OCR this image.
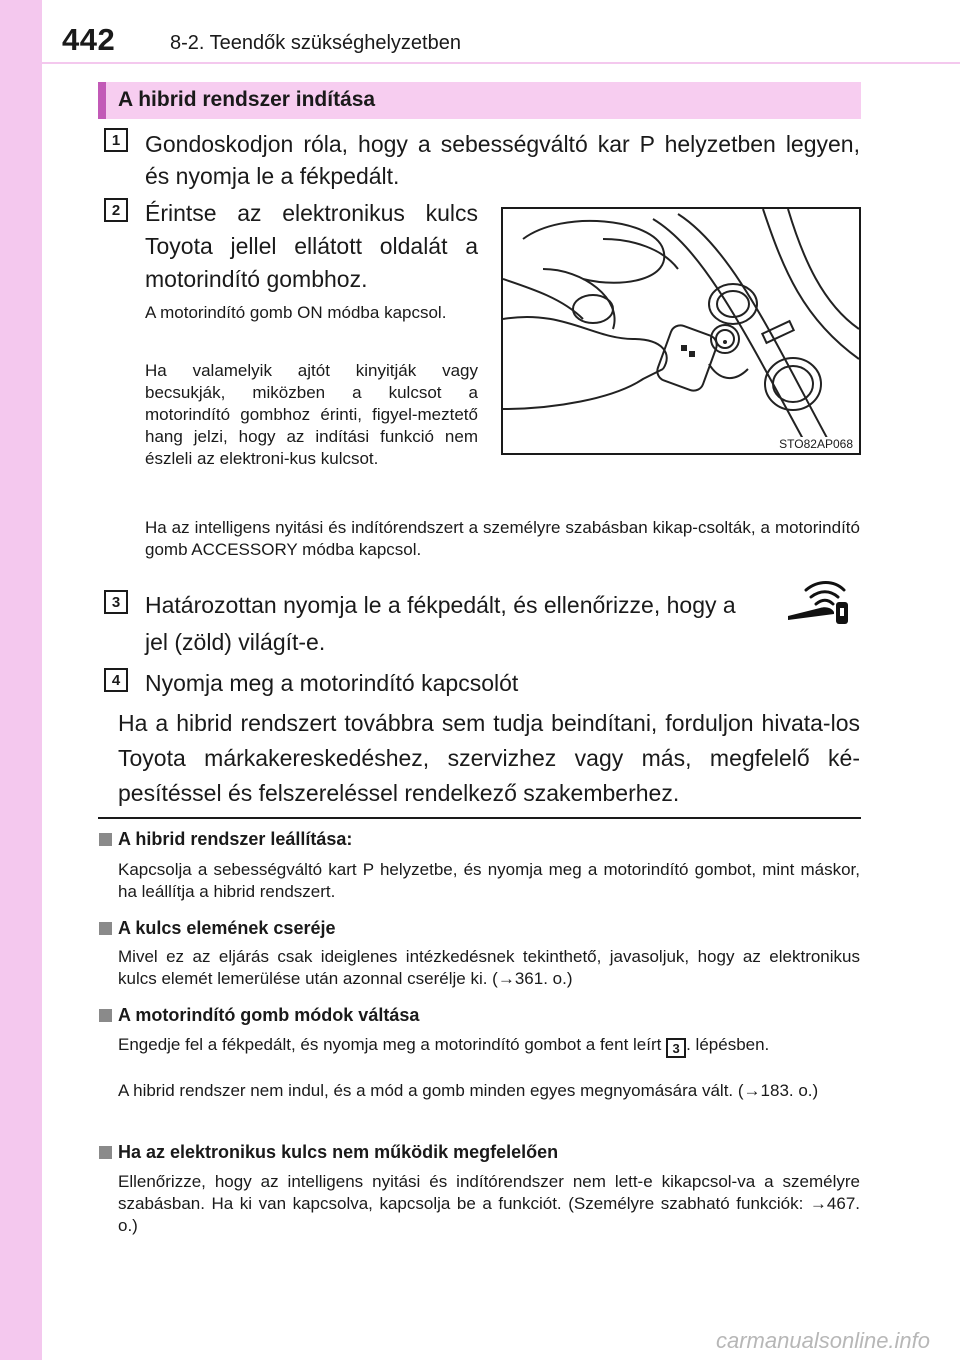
442	8-2. Teendők szükséghelyzetben
A hibrid rendszer indítása
1	Gondoskodjon róla, hogy a sebességváltó kar P helyzetben legyen, és nyomja le a fékpedált.

2	Érintse az elektronikus kulcs Toyota jellel ellátott oldalát a motorindító gombhoz.

A motorindító gomb ON módba kapcsol.

Ha valamelyik ajtót kinyitják vagy becsukják, miközben a kulcsot a motorindító gombhoz érinti, figyel-meztető hang jelzi, hogy az indítási funkció nem észleli az elektroni-kus kulcsot.

Ha az intelligens nyitási és indítórendszert a személyre szabásban kikap-csolták, a motorindító gomb ACCESSORY módba kapcsol.

STO82AP068
3	Határozottan nyomja le a fékpedált, és ellenőrizze, hogy a

jel (zöld) világít-e.

4	Nyomja meg a motorindító kapcsolót

Ha a hibrid rendszert továbbra sem tudja beindítani, forduljon hivata-los Toyota márkakereskedéshez, szervizhez vagy más, megfelelő ké-pesítéssel és felszereléssel rendelkező szakemberhez.

A hibrid rendszer leállítása:

Kapcsolja a sebességváltó kart P helyzetbe, és nyomja meg a motorindító gombot, mint máskor, ha leállítja a hibrid rendszert.

A kulcs elemének cseréje

Mivel ez az eljárás csak ideiglenes intézkedésnek tekinthető, javasoljuk, hogy az elektronikus kulcs elemét lemerülése után azonnal cserélje ki. (→361. o.)

A motorindító gomb módok váltása

Engedje fel a fékpedált, és nyomja meg a motorindító gombot a fent leírt 3 . lépésben.

A hibrid rendszer nem indul, és a mód a gomb minden egyes megnyomására vált. (→183. o.)

Ha az elektronikus kulcs nem működik megfelelően

Ellenőrizze, hogy az intelligens nyitási és indítórendszer nem lett-e kikapcsol-va a személyre szabásban. Ha ki van kapcsolva, kapcsolja be a funkciót. (Személyre szabható funkciók: →467. o.)

carmanualsonline.info
